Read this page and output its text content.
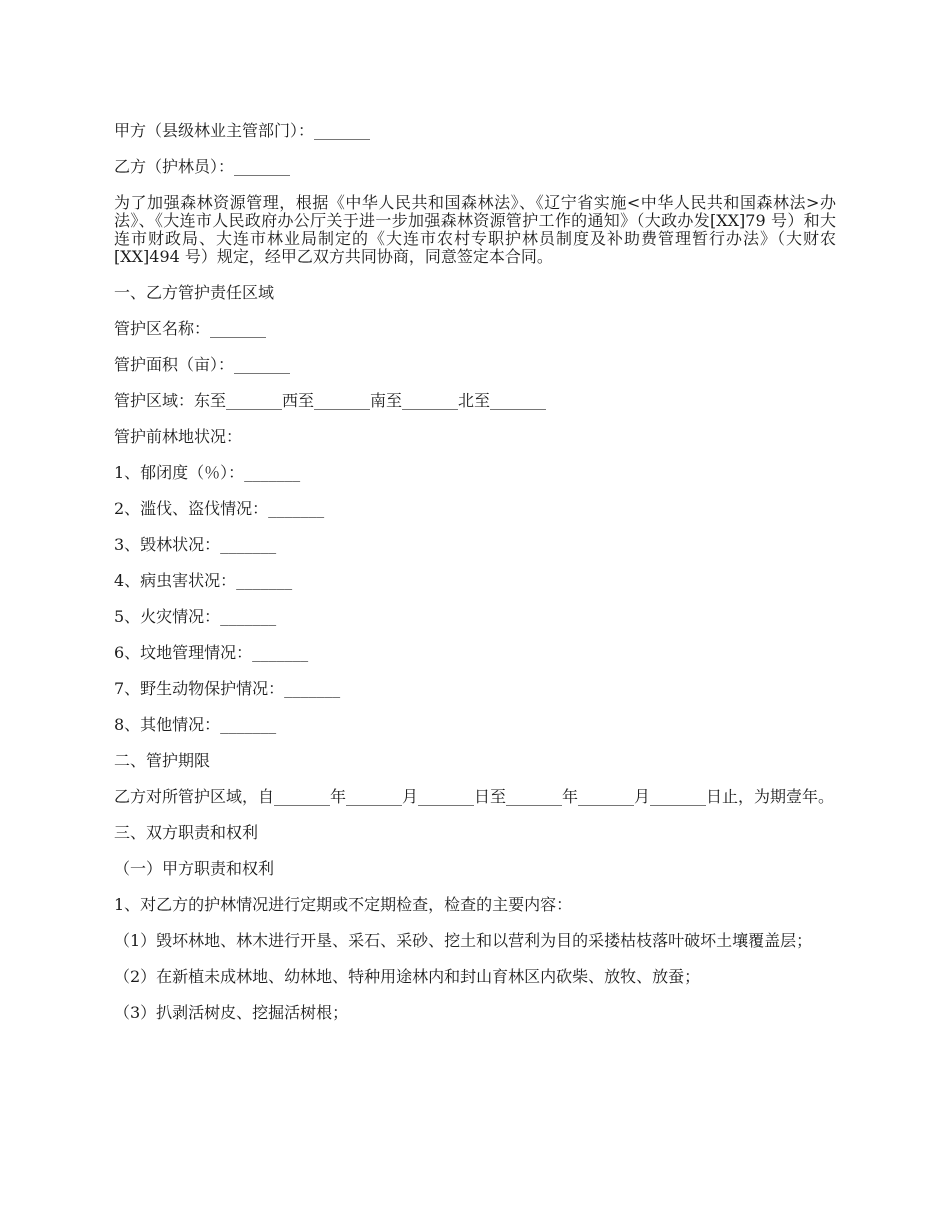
甲方（县级林业主管部门）：_______

乙方（护林员）：_______

为了加强森林资源管理，根据《中华人民共和国森林法》、《辽宁省实施<中华人民共和国森林法>办法》、《大连市人民政府办公厅关于进一步加强森林资源管护工作的通知》（大政办发[XX]79 号）和大连市财政局、大连市林业局制定的《大连市农村专职护林员制度及补助费管理暂行办法》（大财农[XX]494 号）规定，经甲乙双方共同协商，同意签定本合同。

一、乙方管护责任区域

管护区名称：_______

管护面积（亩）：_______

管护区域：东至_______西至_______南至_______北至_______

管护前林地状况：

1、郁闭度（％）：_______

2、滥伐、盗伐情况：_______

3、毁林状况：_______

4、病虫害状况：_______

5、火灾情况：_______

6、坟地管理情况：_______

7、野生动物保护情况：_______

8、其他情况：_______

二、管护期限

乙方对所管护区域，自_______年_______月_______日至_______年_______月_______日止，为期壹年。

三、双方职责和权利

（一）甲方职责和权利

1、对乙方的护林情况进行定期或不定期检查，检查的主要内容：

（1）毁坏林地、林木进行开垦、采石、采砂、挖土和以营利为目的采搂枯枝落叶破坏土壤覆盖层；

（2）在新植未成林地、幼林地、特种用途林内和封山育林区内砍柴、放牧、放蚕；

（3）扒剥活树皮、挖掘活树根；
